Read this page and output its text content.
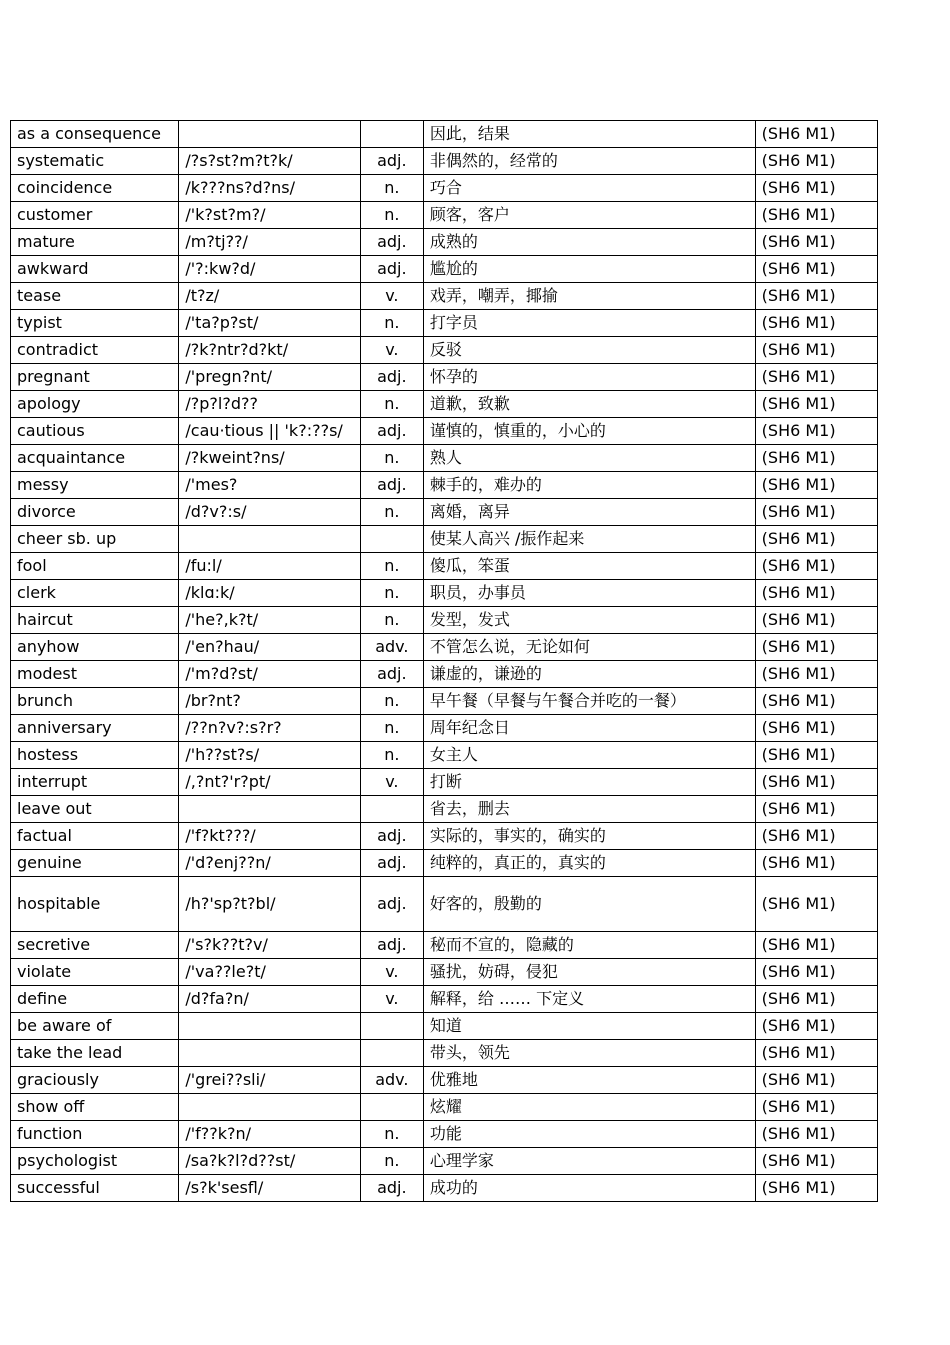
as a consequence			因此，结果	(SH6 M1)
systematic	/?s?st?m?t?k/	adj.	非偶然的，经常的	(SH6 M1)
coincidence	/k???ns?d?ns/	n.	巧合	(SH6 M1)
customer	/'k?st?m?/	n.	顾客，客户	(SH6 M1)
mature	/m?tj??/	adj.	成熟的	(SH6 M1)
awkward	/'?:kw?d/	adj.	尴尬的	(SH6 M1)
tease	/t?z/	v.	戏弄，嘲弄，揶揄	(SH6 M1)
typist	/'ta?p?st/	n.	打字员	(SH6 M1)
contradict	/?k?ntr?d?kt/	v.	反驳	(SH6 M1)
pregnant	/'pregn?nt/	adj.	怀孕的	(SH6 M1)
apology	/?p?l?d??	n.	道歉，致歉	(SH6 M1)
cautious	/cau·tious || 'k?:??s/	adj.	谨慎的，慎重的，小心的	(SH6 M1)
acquaintance	/?kweint?ns/	n.	熟人	(SH6 M1)
messy	/'mes?	adj.	棘手的，难办的	(SH6 M1)
divorce	/d?v?:s/	n.	离婚，离异	(SH6 M1)
cheer sb. up			使某人高兴 /振作起来	(SH6 M1)
fool	/fu:l/	n.	傻瓜，笨蛋	(SH6 M1)
clerk	/klɑ:k/	n.	职员，办事员	(SH6 M1)
haircut	/'he?,k?t/	n.	发型，发式	(SH6 M1)
anyhow	/'en?hau/	adv.	不管怎么说，无论如何	(SH6 M1)
modest	/'m?d?st/	adj.	谦虚的，谦逊的	(SH6 M1)
brunch	/br?nt?	n.	早午餐（早餐与午餐合并吃的一餐）	(SH6 M1)
anniversary	/??n?v?:s?r?	n.	周年纪念日	(SH6 M1)
hostess	/'h??st?s/	n.	女主人	(SH6 M1)
interrupt	/,?nt?'r?pt/	v.	打断	(SH6 M1)
leave out			省去，删去	(SH6 M1)
factual	/'f?kt???/	adj.	实际的，事实的，确实的	(SH6 M1)
genuine	/'d?enj??n/	adj.	纯粹的，真正的，真实的	(SH6 M1)
hospitable	/h?'sp?t?bl/	adj.	好客的，殷勤的	(SH6 M1)
secretive	/'s?k??t?v/	adj.	秘而不宣的，隐藏的	(SH6 M1)
violate	/'va??le?t/	v.	骚扰，妨碍，侵犯	(SH6 M1)
define	/d?fa?n/	v.	解释，给 …… 下定义	(SH6 M1)
be aware of			知道	(SH6 M1)
take the lead			带头，领先	(SH6 M1)
graciously	/'grei??sli/	adv.	优雅地	(SH6 M1)
show off			炫耀	(SH6 M1)
function	/'f??k?n/	n.	功能	(SH6 M1)
psychologist	/sa?k?l?d??st/	n.	心理学家	(SH6 M1)
successful	/s?k'sesfl/	adj.	成功的	(SH6 M1)
